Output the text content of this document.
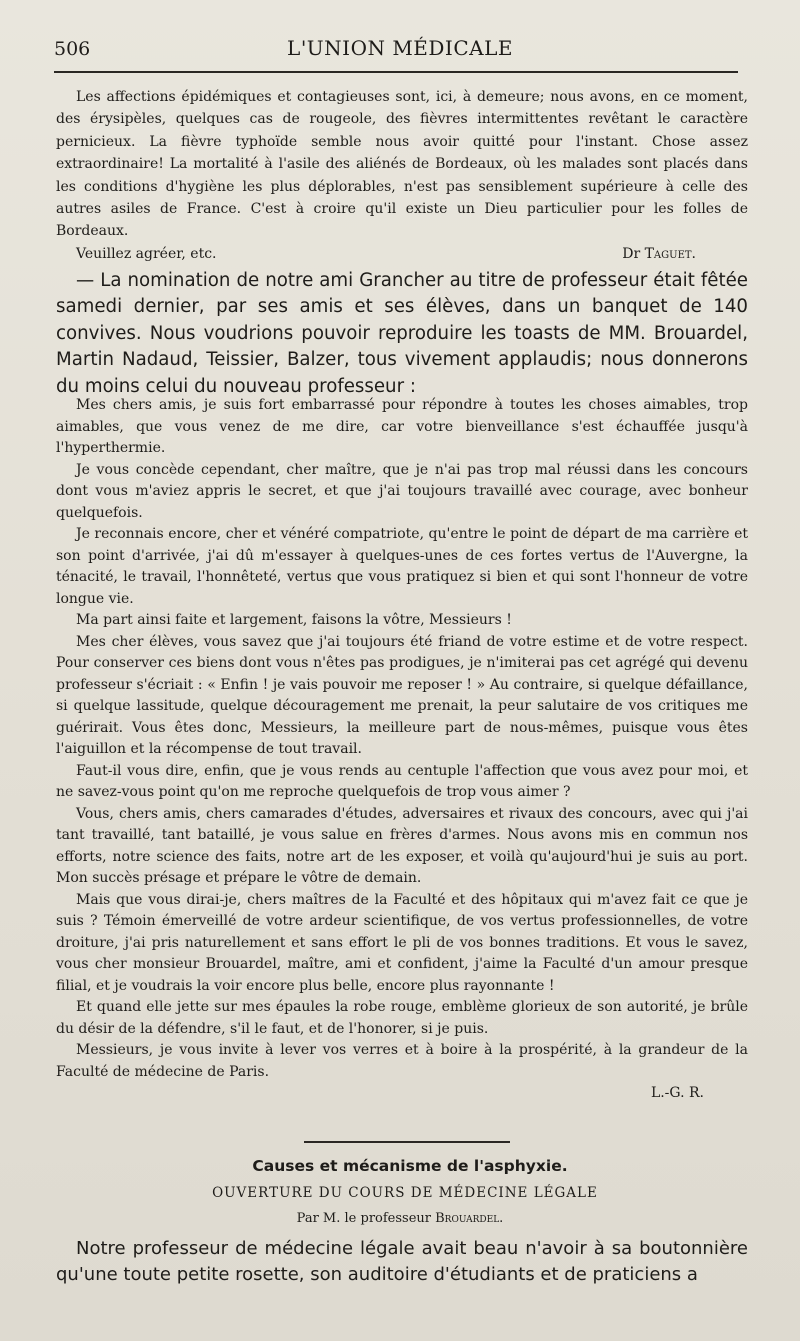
506	L'UNION MÉDICALE

Les affections épidémiques et contagieuses sont, ici, à demeure; nous avons, en ce moment, des érysipèles, quelques cas de rougeole, des fièvres intermittentes revêtant le caractère pernicieux. La fièvre typhoïde semble nous avoir quitté pour l'instant. Chose assez extraordinaire! La mortalité à l'asile des aliénés de Bordeaux, où les malades sont placés dans les conditions d'hygiène les plus déplorables, n'est pas sensiblement supérieure à celle des autres asiles de France. C'est à croire qu'il existe un Dieu particulier pour les folles de Bordeaux.

Veuillez agréer, etc.	Dr Taguet.

— La nomination de notre ami Grancher au titre de professeur était fêtée samedi dernier, par ses amis et ses élèves, dans un banquet de 140 convives. Nous voudrions pouvoir reproduire les toasts de MM. Brouardel, Martin Nadaud, Teissier, Balzer, tous vivement applaudis; nous donnerons du moins celui du nouveau professeur :

Mes chers amis, je suis fort embarrassé pour répondre à toutes les choses aimables, trop aimables, que vous venez de me dire, car votre bienveillance s'est échauffée jusqu'à l'hyperthermie.

Je vous concède cependant, cher maître, que je n'ai pas trop mal réussi dans les concours dont vous m'aviez appris le secret, et que j'ai toujours travaillé avec courage, avec bonheur quelquefois.

Je reconnais encore, cher et vénéré compatriote, qu'entre le point de départ de ma carrière et son point d'arrivée, j'ai dû m'essayer à quelques-unes de ces fortes vertus de l'Auvergne, la ténacité, le travail, l'honnêteté, vertus que vous pratiquez si bien et qui sont l'honneur de votre longue vie.

Ma part ainsi faite et largement, faisons la vôtre, Messieurs !

Mes cher élèves, vous savez que j'ai toujours été friand de votre estime et de votre respect. Pour conserver ces biens dont vous n'êtes pas prodigues, je n'imiterai pas cet agrégé qui devenu professeur s'écriait : « Enfin ! je vais pouvoir me reposer ! » Au contraire, si quelque défaillance, si quelque lassitude, quelque découragement me prenait, la peur salutaire de vos critiques me guérirait. Vous êtes donc, Messieurs, la meilleure part de nous-mêmes, puisque vous êtes l'aiguillon et la récompense de tout travail.

Faut-il vous dire, enfin, que je vous rends au centuple l'affection que vous avez pour moi, et ne savez-vous point qu'on me reproche quelquefois de trop vous aimer ?

Vous, chers amis, chers camarades d'études, adversaires et rivaux des concours, avec qui j'ai tant travaillé, tant bataillé, je vous salue en frères d'armes. Nous avons mis en commun nos efforts, notre science des faits, notre art de les exposer, et voilà qu'aujourd'hui je suis au port. Mon succès présage et prépare le vôtre de demain.

Mais que vous dirai-je, chers maîtres de la Faculté et des hôpitaux qui m'avez fait ce que je suis ? Témoin émerveillé de votre ardeur scientifique, de vos vertus professionnelles, de votre droiture, j'ai pris naturellement et sans effort le pli de vos bonnes traditions. Et vous le savez, vous cher monsieur Brouardel, maître, ami et confident, j'aime la Faculté d'un amour presque filial, et je voudrais la voir encore plus belle, encore plus rayonnante !

Et quand elle jette sur mes épaules la robe rouge, emblème glorieux de son autorité, je brûle du désir de la défendre, s'il le faut, et de l'honorer, si je puis.

Messieurs, je vous invite à lever vos verres et à boire à la prospérité, à la grandeur de la Faculté de médecine de Paris.

L.-G. R.

Causes et mécanisme de l'asphyxie.
OUVERTURE DU COURS DE MÉDECINE LÉGALE
Par M. le professeur Brouardel.

Notre professeur de médecine légale avait beau n'avoir à sa boutonnière qu'une toute petite rosette, son auditoire d'étudiants et de praticiens a
